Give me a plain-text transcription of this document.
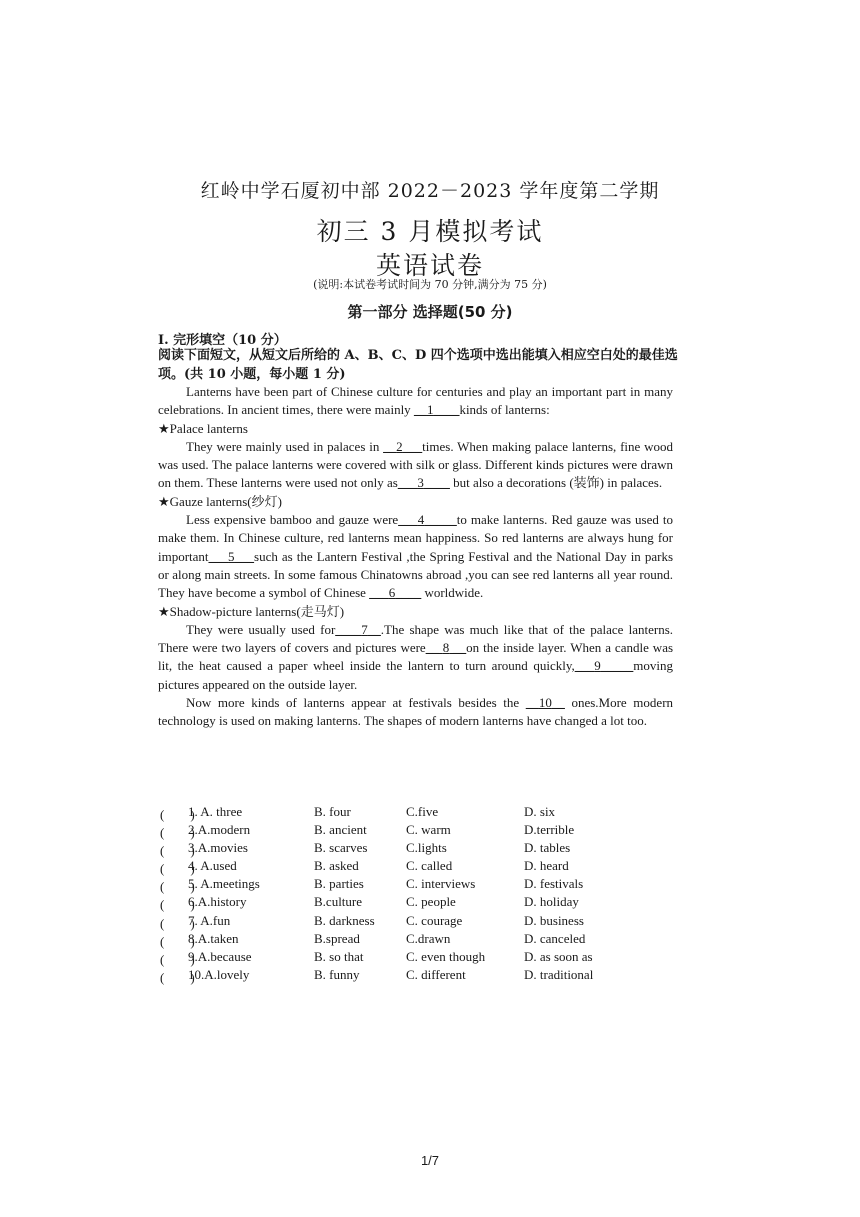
红岭中学石厦初中部 2022－2023 学年度第二学期
初三 3 月模拟考试
英语试卷
(说明:本试卷考试时间为 70 分钟,满分为 75 分)
第一部分 选择题(50 分)
I. 完形填空（10 分）
阅读下面短文，从短文后所给的 A、B、C、D 四个选项中选出能填入相应空白处的最佳选项。(共 10 小题，每小题 1 分)

Lanterns have been part of Chinese culture for centuries and play an important part in many celebrations. In ancient times, there were mainly __1____kinds of lanterns:

★Palace lanterns

They were mainly used in palaces in __2___times. When making palace lanterns, fine wood was used. The palace lanterns were covered with silk or glass. Different kinds pictures were drawn on them. These lanterns were used not only as___3____ but also a decorations (装饰) in palaces.

★Gauze lanterns(纱灯)

Less expensive bamboo and gauze were___4_____to make lanterns. Red gauze was used to make them. In Chinese culture, red lanterns mean happiness. So red lanterns are always hung for important___5___such as the Lantern Festival ,the Spring Festival and the National Day in parks or along main streets. In some famous Chinatowns abroad ,you can see red lanterns all year round. They have become a symbol of Chinese ___6____ worldwide.

★Shadow-picture lanterns(走马灯)

They were usually used for____7__.The shape was much like that of the palace lanterns. There were two layers of covers and pictures were__ 8 __on the inside layer. When a candle was lit, the heat caused a paper wheel inside the lantern to turn around quickly,___9_____moving pictures appeared on the outside layer.

Now more kinds of lanterns appear at festivals besides the __10__ ones.More modern technology is used on making lanterns. The shapes of modern lanterns have changed a lot too.

(　　)
1. A. three	B. four	C.five	D. six
(　　)
2.A.modern	B. ancient	C. warm	D.terrible
(　　)
3.A.movies	B. scarves	C.lights	D. tables
(　　)
4. A.used	B. asked	C. called	D. heard
(　　)
5. A.meetings	B. parties	C. interviews	D. festivals
(　　)
6.A.history	B.culture	C. people	D. holiday
(　　)
7. A.fun	B. darkness C. courage	D. business
(　　)
8.A.taken	B.spread	C.drawn	D. canceled
(　　)
9.A.because	B. so that	C. even though	D. as soon as
(　　)
10.A.lovely	B. funny	C. different	D. traditional
1/7
